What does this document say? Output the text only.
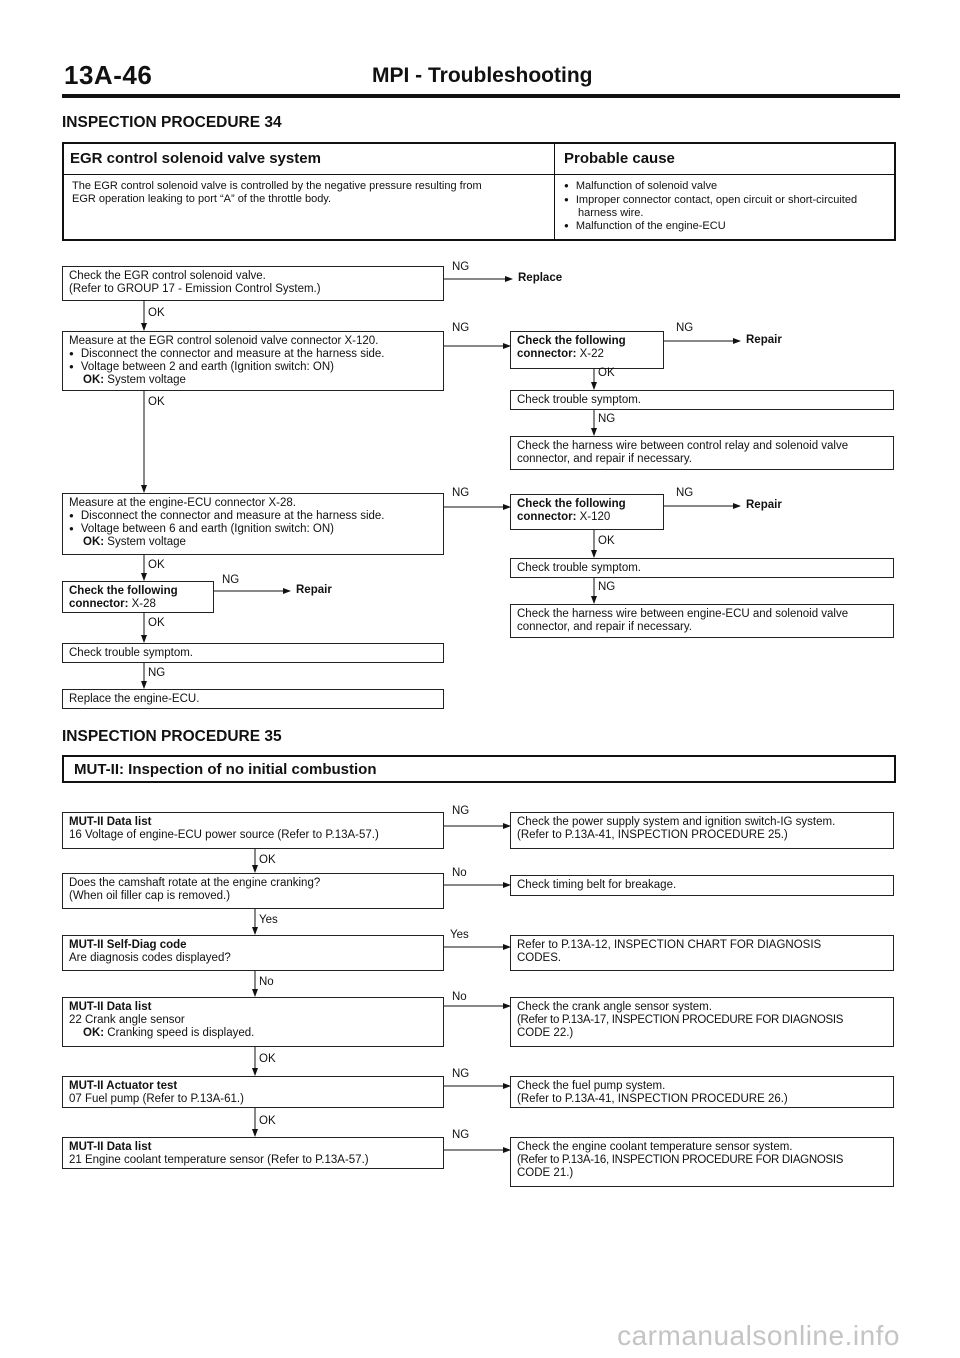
13A-46	MPI - Troubleshooting
INSPECTION PROCEDURE 34
EGR control solenoid valve system	Probable cause
The EGR control solenoid valve is controlled by the negative pressure resulting from
EGR operation leaking to port “A” of the throttle body.
● Malfunction of solenoid valve
● Improper connector contact, open circuit or short-circuited harness wire.
● Malfunction of the engine-ECU
Check the EGR control solenoid valve.
(Refer to GROUP 17 - Emission Control System.)
NG
Replace
OK
Measure at the EGR control solenoid valve connector X-120.
● Disconnect the connector and measure at the harness side.
● Voltage between 2 and earth (Ignition switch: ON)
OK: System voltage
NG
OK
Check the following
connector: X-22
NG
Repair
OK
Check trouble symptom.
NG
Check the harness wire between control relay and solenoid valve
connector, and repair if necessary.
Measure at the engine-ECU connector X-28.
● Disconnect the connector and measure at the harness side.
● Voltage between 6 and earth (Ignition switch: ON)
OK: System voltage
NG
OK
Check the following
connector: X-120
NG
Repair
OK
Check trouble symptom.
NG
Check the harness wire between engine-ECU and solenoid valve
connector, and repair if necessary.
Check the following
connector: X-28
NG
Repair
OK
Check trouble symptom.
NG
Replace the engine-ECU.
INSPECTION PROCEDURE 35
MUT-II: Inspection of no initial combustion
MUT-II Data list
16 Voltage of engine-ECU power source (Refer to P.13A-57.)
NG
Check the power supply system and ignition switch-IG system.
(Refer to P.13A-41, INSPECTION PROCEDURE 25.)
OK
Does the camshaft rotate at the engine cranking?
(When oil filler cap is removed.)
No
Check timing belt for breakage.
Yes
MUT-II Self-Diag code
Are diagnosis codes displayed?
Yes
Refer to P.13A-12, INSPECTION CHART FOR DIAGNOSIS
CODES.
No
MUT-II Data list
22 Crank angle sensor
OK: Cranking speed is displayed.
No
Check the crank angle sensor system.
(Refer to P.13A-17, INSPECTION PROCEDURE FOR DIAGNOSIS
CODE 22.)
OK
MUT-II Actuator test
07 Fuel pump (Refer to P.13A-61.)
NG
Check the fuel pump system.
(Refer to P.13A-41, INSPECTION PROCEDURE 26.)
OK
MUT-II Data list
21 Engine coolant temperature sensor (Refer to P.13A-57.)
NG
Check the engine coolant temperature sensor system.
(Refer to P.13A-16, INSPECTION PROCEDURE FOR DIAGNOSIS
CODE 21.)
carmanualsonline.info
